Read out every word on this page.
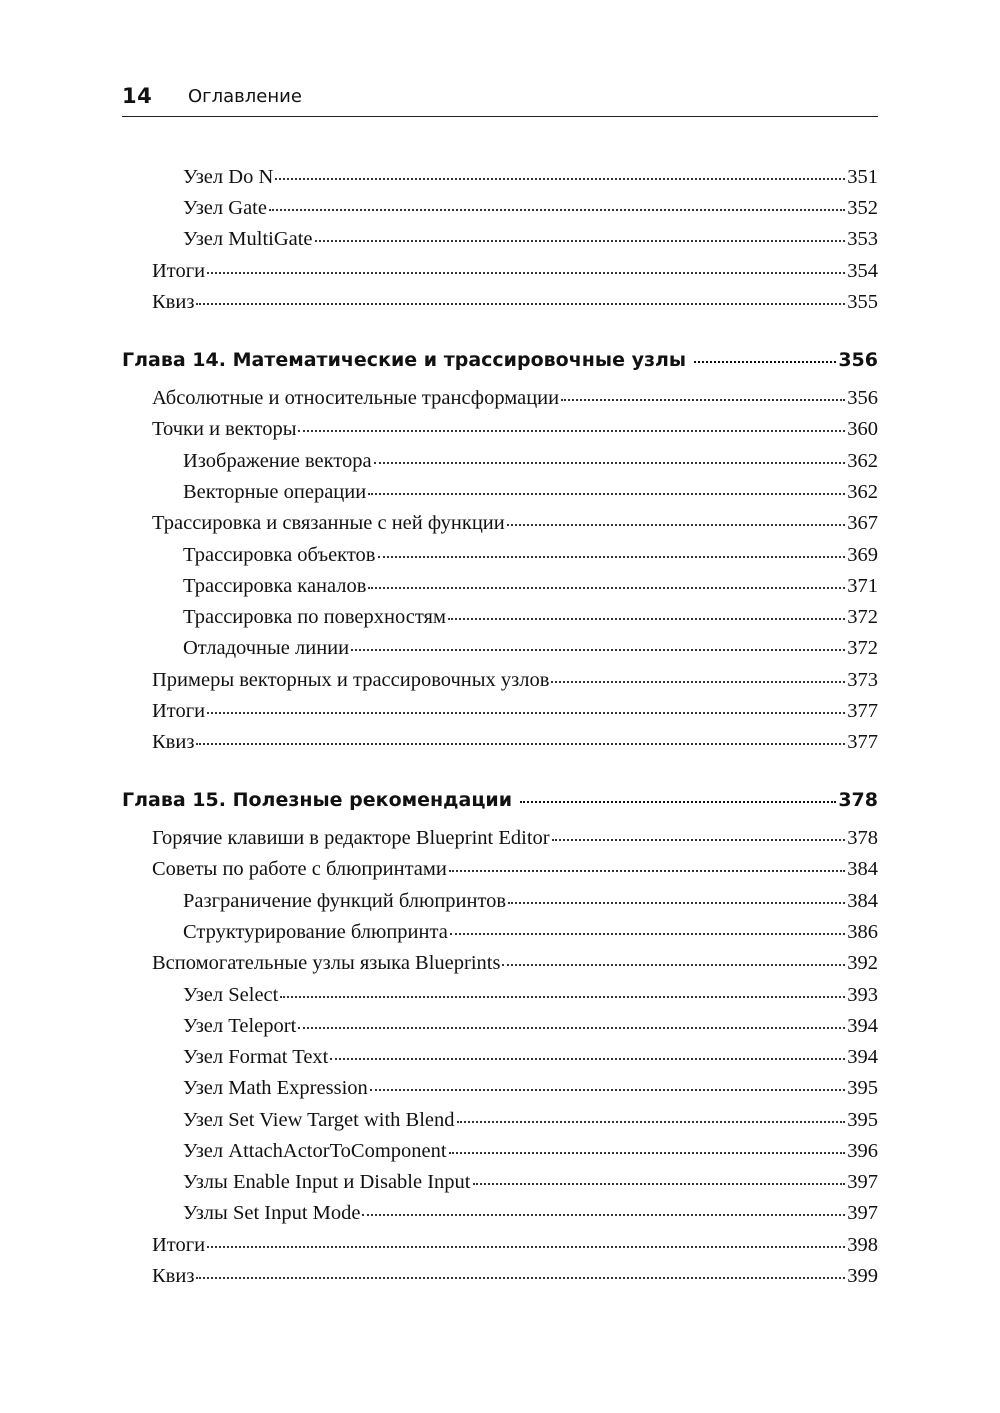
14 Оглавление
Узел Do N	351
Узел Gate	352
Узел MultiGate	353
Итоги	354
Квиз	355
Глава 14. Математические и трассировочные узлы	356
Абсолютные и относительные трансформации	356
Точки и векторы	360
Изображение вектора	362
Векторные операции	362
Трассировка и связанные с ней функции	367
Трассировка объектов	369
Трассировка каналов	371
Трассировка по поверхностям	372
Отладочные линии	372
Примеры векторных и трассировочных узлов	373
Итоги	377
Квиз	377
Глава 15. Полезные рекомендации	378
Горячие клавиши в редакторе Blueprint Editor	378
Советы по работе с блюпринтами	384
Разграничение функций блюпринтов	384
Структурирование блюпринта	386
Вспомогательные узлы языка Blueprints	392
Узел Select	393
Узел Teleport	394
Узел Format Text	394
Узел Math Expression	395
Узел Set View Target with Blend	395
Узел AttachActorToComponent	396
Узлы Enable Input и Disable Input	397
Узлы Set Input Mode	397
Итоги	398
Квиз	399
